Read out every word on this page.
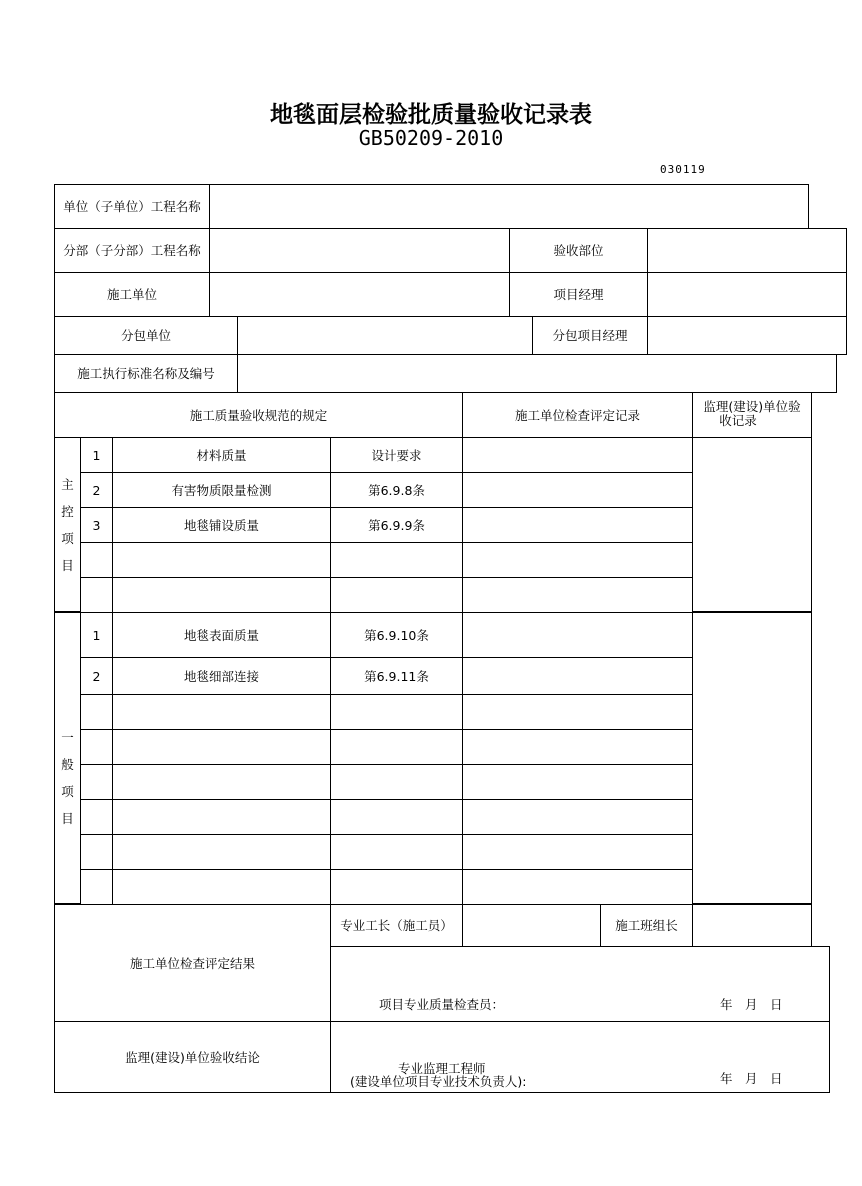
地毯面层检验批质量验收记录表
GB50209-2010
030119
单位（子单位）工程名称
分部（子分部）工程名称	验收部位
施工单位	项目经理
分包单位	分包项目经理
施工执行标准名称及编号
施工质量验收规范的规定	施工单位检查评定记录
监理(建设)单位验
收记录
主
控
项
目
1	材料质量	设计要求
2	有害物质限量检测	第6.9.8条
3	地毯铺设质量	第6.9.9条
一
般
项
目
1	地毯表面质量	第6.9.10条
2	地毯细部连接	第6.9.11条
施工单位检查评定结果
专业工长（施工员）	施工班组长
项目专业质量检查员：	年　月　日
监理(建设)单位验收结论
专业监理工程师
(建设单位项目专业技术负责人):	年　月　日
